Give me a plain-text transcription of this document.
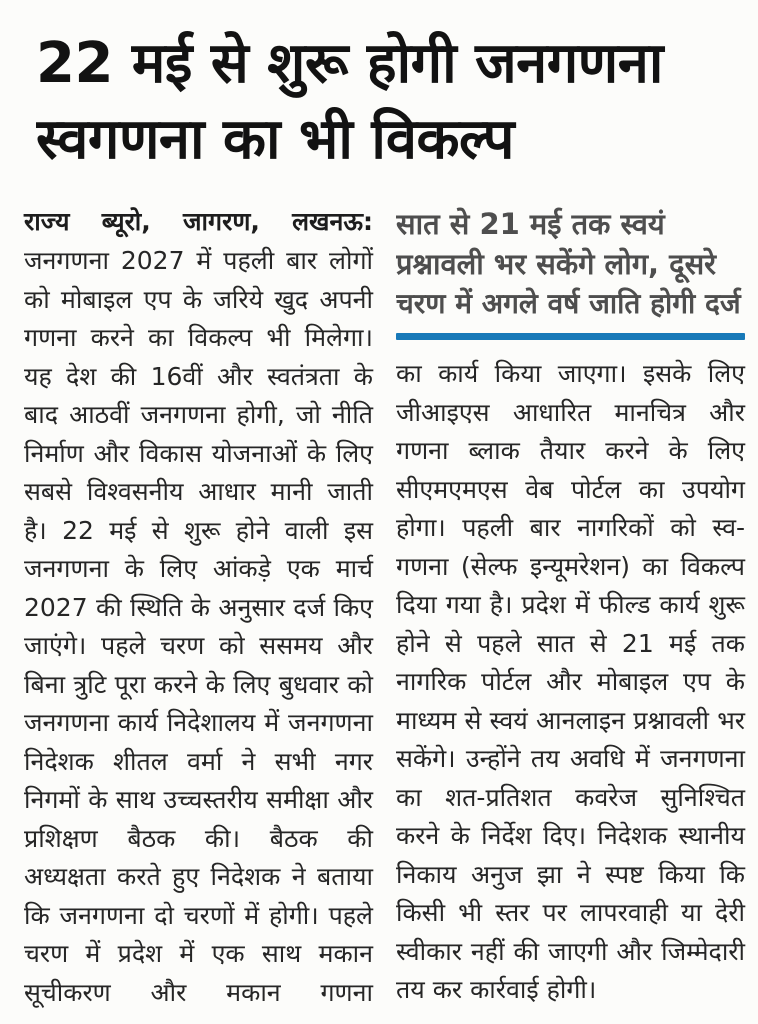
22 मई से शुरू होगी जनगणना
स्वगणना का भी विकल्प

राज्य ब्यूरो, जागरण, लखनऊ:

जनगणना 2027 में पहली बार लोगों को मोबाइल एप के जरिये खुद अपनी गणना करने का विकल्प भी मिलेगा। यह देश की 16वीं और स्वतंत्रता के बाद आठवीं जनगणना होगी, जो नीति निर्माण और विकास योजनाओं के लिए सबसे विश्वसनीय आधार मानी जाती है। 22 मई से शुरू होने वाली इस जनगणना के लिए आंकड़े एक मार्च 2027 की स्थिति के अनुसार दर्ज किए जाएंगे। पहले चरण को ससमय और बिना त्रुटि पूरा करने के लिए बुधवार को जनगणना कार्य निदेशालय में जनगणना निदेशक शीतल वर्मा ने सभी नगर निगमों के साथ उच्चस्तरीय समीक्षा और प्रशिक्षण बैठक की। बैठक की अध्यक्षता करते हुए निदेशक ने बताया कि जनगणना दो चरणों में होगी। पहले चरण में प्रदेश में एक साथ मकान सूचीकरण और मकान गणना

सात से 21 मई तक स्वयं
प्रश्नावली भर सकेंगे लोग, दूसरे
चरण में अगले वर्ष जाति होगी दर्ज

का कार्य किया जाएगा। इसके लिए जीआइएस आधारित मानचित्र और गणना ब्लाक तैयार करने के लिए सीएमएमएस वेब पोर्टल का उपयोग होगा। पहली बार नागरिकों को स्व-गणना (सेल्फ इन्यूमरेशन) का विकल्प दिया गया है। प्रदेश में फील्ड कार्य शुरू होने से पहले सात से 21 मई तक नागरिक पोर्टल और मोबाइल एप के माध्यम से स्वयं आनलाइन प्रश्नावली भर सकेंगे। उन्होंने तय अवधि में जनगणना का शत-प्रतिशत कवरेज सुनिश्चित करने के निर्देश दिए। निदेशक स्थानीय निकाय अनुज झा ने स्पष्ट किया कि किसी भी स्तर पर लापरवाही या देरी स्वीकार नहीं की जाएगी और जिम्मेदारी तय कर कार्रवाई होगी।
